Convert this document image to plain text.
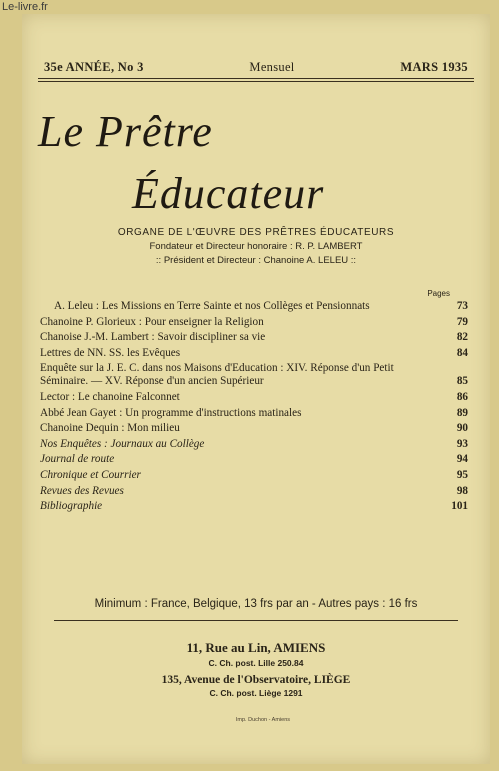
Le-livre.fr
35e ANNÉE, No 3	Mensuel	MARS 1935
Le Prêtre
Éducateur
ORGANE DE L'ŒUVRE DES PRÊTRES ÉDUCATEURS
Fondateur et Directeur honoraire : R. P. LAMBERT
:: Président et Directeur : Chanoine A. LELEU ::
Pages
A. Leleu : Les Missions en Terre Sainte et nos Collèges et Pensionnats	73
Chanoine P. Glorieux : Pour enseigner la Religion	79
Chanoise J.-M. Lambert : Savoir discipliner sa vie	82
Lettres de NN. SS. les Evêques	84
Enquête sur la J. E. C. dans nos Maisons d'Education : XIV. Réponse d'un Petit Séminaire. — XV. Réponse d'un ancien Supérieur	85
Lector : Le chanoine Falconnet	86
Abbé Jean Gayet : Un programme d'instructions matinales	89
Chanoine Dequin : Mon milieu	90
Nos Enquêtes : Journaux au Collège	93
Journal de route	94
Chronique et Courrier	95
Revues des Revues	98
Bibliographie	101
Minimum : France, Belgique, 13 frs par an - Autres pays : 16 frs
11, Rue au Lin, AMIENS
C. Ch. post. Lille 250.84
135, Avenue de l'Observatoire, LIÈGE
C. Ch. post. Liège 1291
Imp. Duchon - Amiens
